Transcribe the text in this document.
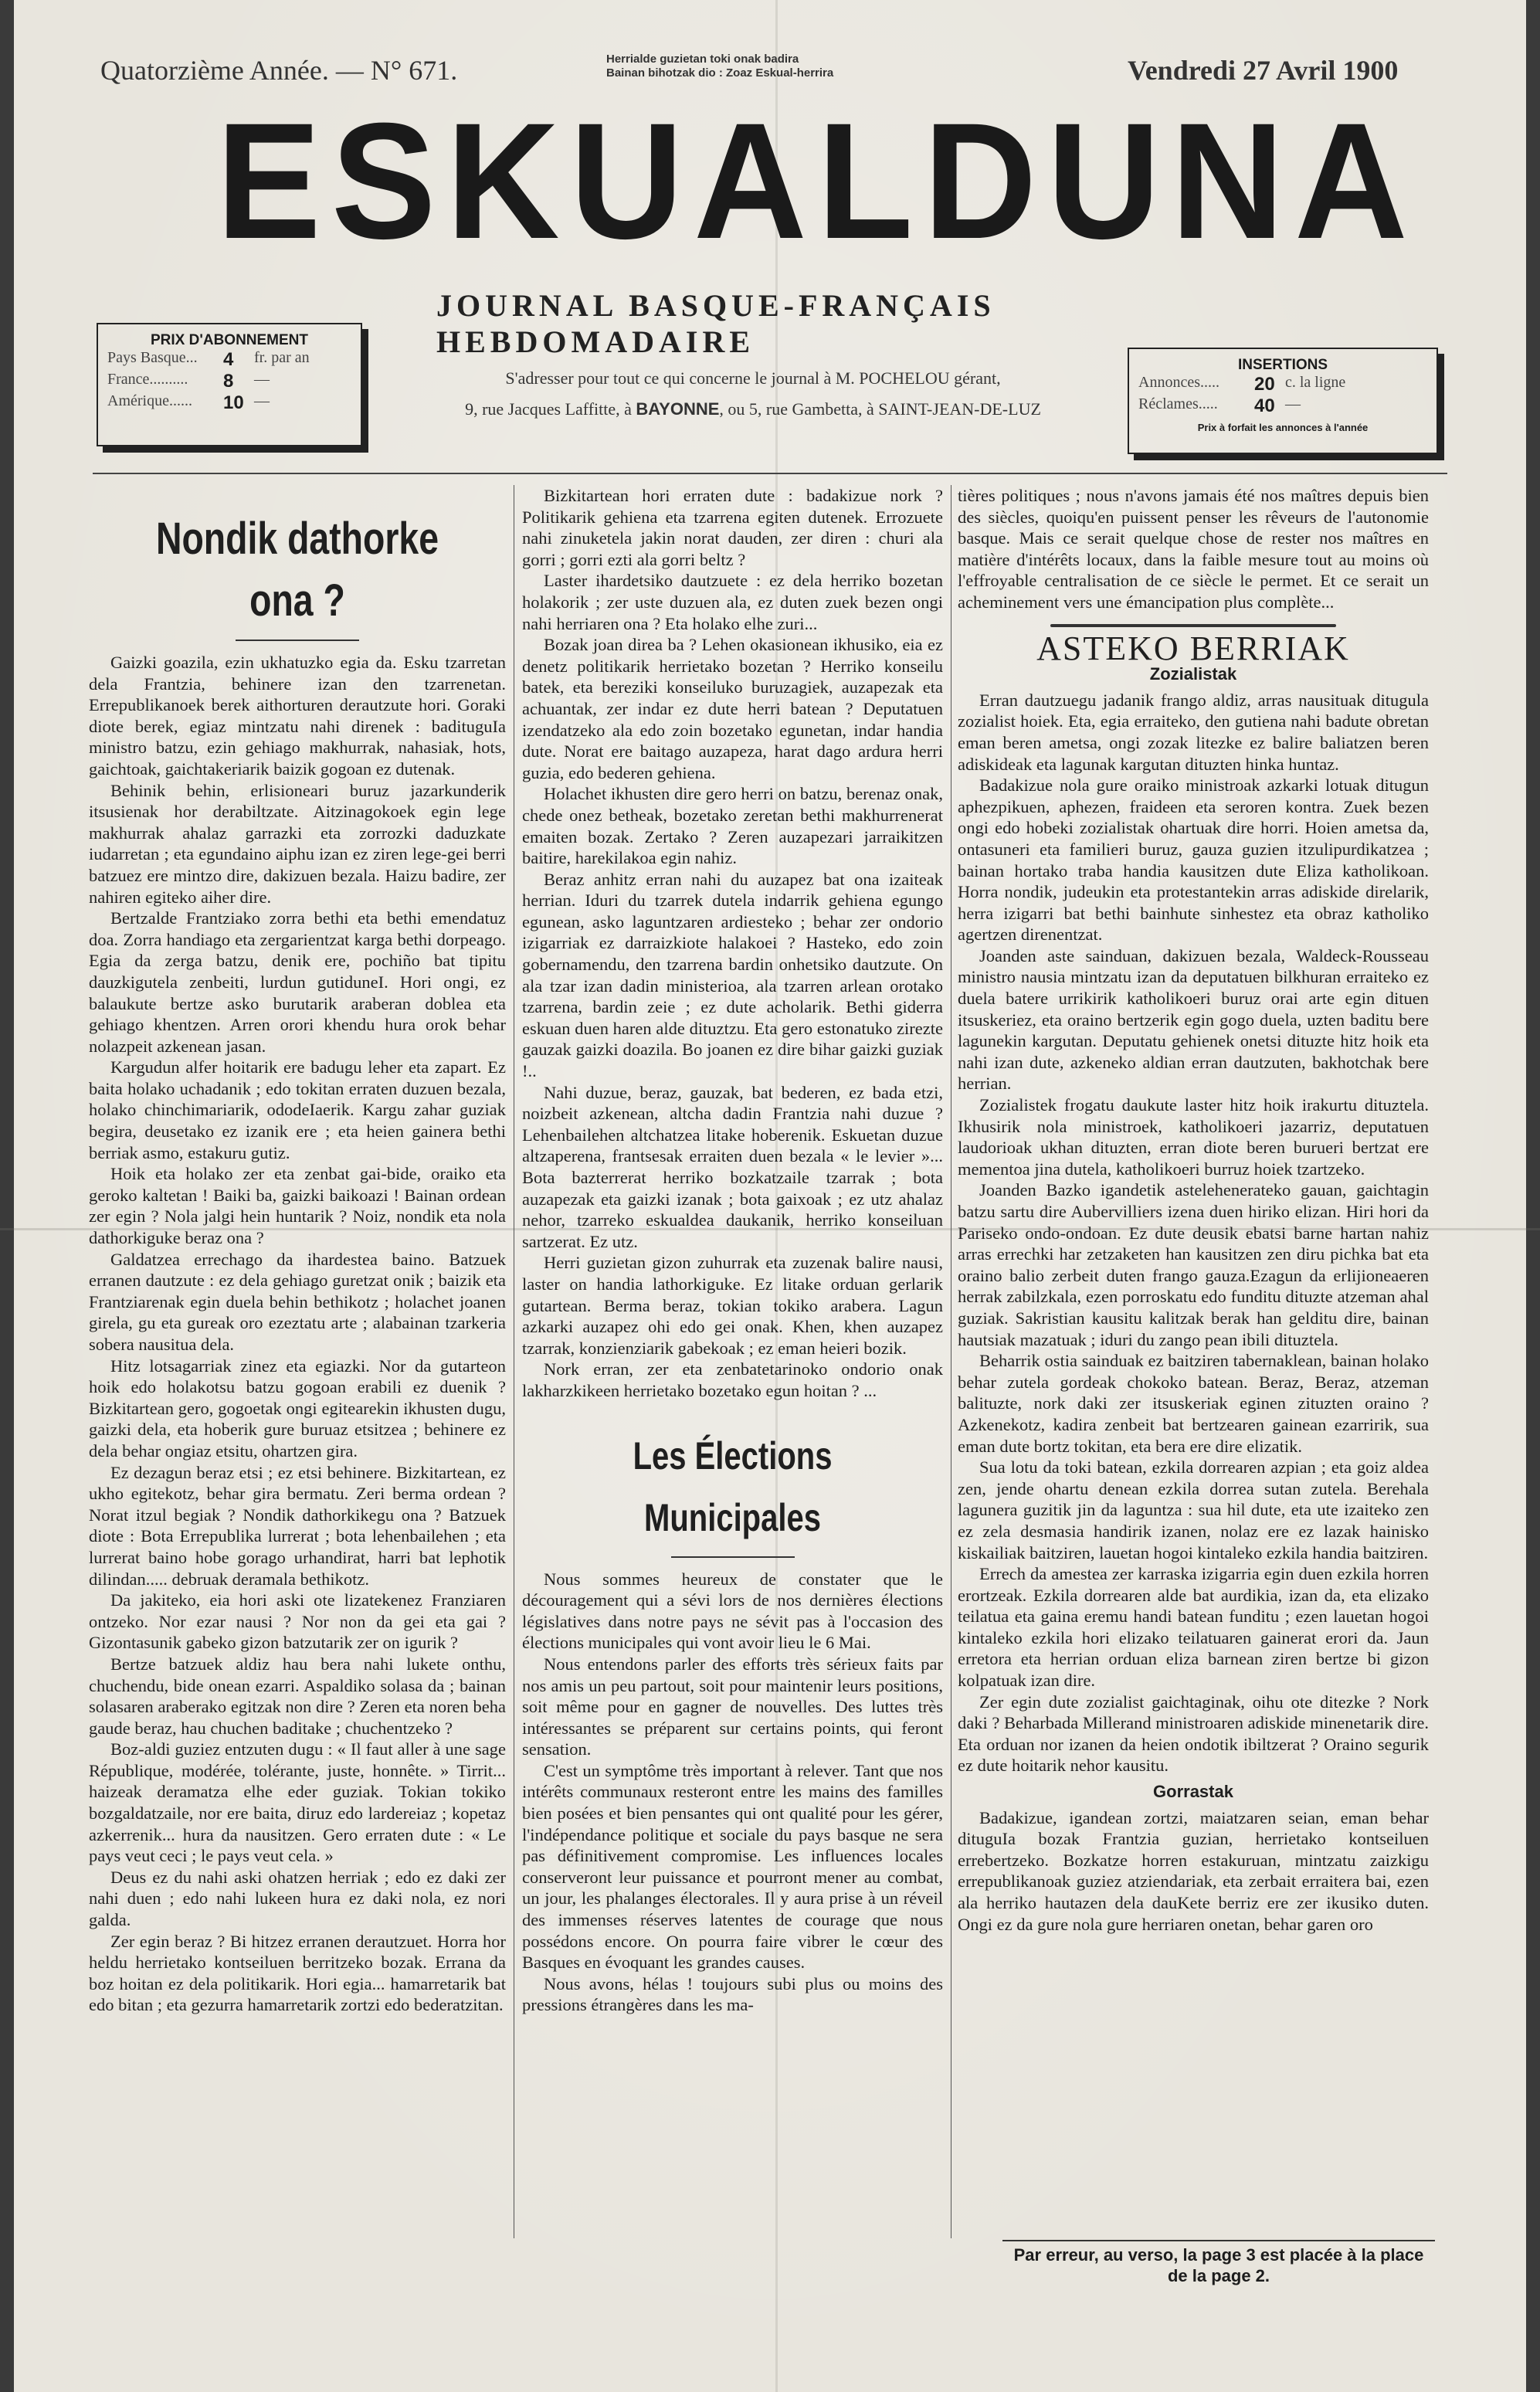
Quatorzième Année. — N° 671.	Herrialde guzietan toki onak badira
Bainan bihotzak dio : Zoaz Eskual-herrira	Vendredi 27 Avril 1900
ESKUALDUNA
JOURNAL BASQUE-FRANÇAIS HEBDOMADAIRE
PRIX D'ABONNEMENT
Pays Basque...	4	fr. par an
France..........	8	—
Amérique......	10 —
S'adresser pour tout ce qui concerne le journal à M. POCHELOU gérant,
9, rue Jacques Laffitte, à BAYONNE, ou 5, rue Gambetta, à SAINT-JEAN-DE-LUZ
INSERTIONS
Annonces.....	20 c. la ligne
Réclames.....	40 —
Prix à forfait les annonces à l'année
Nondik dathorke ona ?

Gaizki goazila, ezin ukhatuzko egia da. Esku tzarretan dela Frantzia, behinere izan den tzarrenetan. Errepublikanoek berek aithorturen derautzute hori. Goraki diote berek, egiaz mintzatu nahi direnek : badituguIa ministro batzu, ezin gehiago makhurrak, nahasiak, hots, gaichtoak, gaichtakeriarik baizik gogoan ez dutenak.

Behinik behin, erlisioneari buruz jazarkunderik itsusienak hor derabiltzate. Aitzinagokoek egin lege makhurrak ahalaz garrazki eta zorrozki daduzkate iudarretan ; eta egundaino aiphu izan ez ziren lege-gei berri batzuez ere mintzo dire, dakizuen bezala. Haizu badire, zer nahiren egiteko aiher dire.

Bertzalde Frantziako zorra bethi eta bethi emendatuz doa. Zorra handiago eta zergarientzat karga bethi dorpeago. Egia da zerga batzu, denik ere, pochiño bat tipitu dauzkigutela zenbeiti, lurdun gutiduneI. Hori ongi, ez balaukute bertze asko burutarik araberan doblea eta gehiago khentzen. Arren orori khendu hura orok behar nolazpeit azkenean jasan.

Kargudun alfer hoitarik ere badugu leher eta zapart. Ez baita holako uchadanik ; edo tokitan erraten duzuen bezala, holako chinchimariarik, ododeIaerik. Kargu zahar guziak begira, deusetako ez izanik ere ; eta heien gainera bethi berriak asmo, estakuru gutiz.

Hoik eta holako zer eta zenbat gai-bide, oraiko eta geroko kaltetan ! Baiki ba, gaizki baikoazi ! Bainan ordean zer egin ? Nola jalgi hein huntarik ? Noiz, nondik eta nola dathorkiguke beraz ona ?

Galdatzea errechago da ihardestea baino. Batzuek erranen dautzute : ez dela gehiago guretzat onik ; baizik eta Frantziarenak egin duela behin bethikotz ; holachet joanen girela, gu eta gureak oro ezeztatu arte ; alabainan tzarkeria sobera nausitua dela.

Hitz lotsagarriak zinez eta egiazki. Nor da gutarteon hoik edo holakotsu batzu gogoan erabili ez duenik ? Bizkitartean gero, gogoetak ongi egitearekin ikhusten dugu, gaizki dela, eta hoberik gure buruaz etsitzea ; behinere ez dela behar ongiaz etsitu, ohartzen gira.

Ez dezagun beraz etsi ; ez etsi behinere. Bizkitartean, ez ukho egitekotz, behar gira bermatu. Zeri berma ordean ? Norat itzul begiak ? Nondik dathorkikegu ona ? Batzuek diote : Bota Errepublika lurrerat ; bota lehenbailehen ; eta lurrerat baino hobe gorago urhandirat, harri bat lephotik dilindan..... debruak deramala bethikotz.

Da jakiteko, eia hori aski ote lizatekenez Franziaren ontzeko. Nor ezar nausi ? Nor non da gei eta gai ? Gizontasunik gabeko gizon batzutarik zer on igurik ?

Bertze batzuek aldiz hau bera nahi lukete onthu, chuchendu, bide onean ezarri. Aspaldiko solasa da ; bainan solasaren araberako egitzak non dire ? Zeren eta noren beha gaude beraz, hau chuchen baditake ; chuchentzeko ?

Boz-aldi guziez entzuten dugu : « Il faut aller à une sage République, modérée, tolérante, juste, honnête. » Tirrit... haizeak deramatza elhe eder guziak. Tokian tokiko bozgaldatzaile, nor ere baita, diruz edo lardereiaz ; kopetaz azkerrenik... hura da nausitzen. Gero erraten dute : « Le pays veut ceci ; le pays veut cela. »

Deus ez du nahi aski ohatzen herriak ; edo ez daki zer nahi duen ; edo nahi lukeen hura ez daki nola, ez nori galda.

Zer egin beraz ? Bi hitzez erranen derautzuet. Horra hor heldu herrietako kontseiluen berritzeko bozak. Errana da boz hoitan ez dela politikarik. Hori egia... hamarretarik bat edo bitan ; eta gezurra hamarretarik zortzi edo bederatzitan.

Bizkitartean hori erraten dute : badakizue nork ? Politikarik gehiena eta tzarrena egiten dutenek. Errozuete nahi zinuketela jakin norat dauden, zer diren : churi ala gorri ; gorri ezti ala gorri beltz ?

Laster ihardetsiko dautzuete : ez dela herriko bozetan holakorik ; zer uste duzuen ala, ez duten zuek bezen ongi nahi herriaren ona ? Eta holako elhe zuri...

Bozak joan direa ba ? Lehen okasionean ikhusiko, eia ez denetz politikarik herrietako bozetan ? Herriko konseilu batek, eta bereziki konseiluko buruzagiek, auzapezak eta achuantak, zer indar ez dute herri batean ? Deputatuen izendatzeko ala edo zoin bozetako egunetan, indar handia dute. Norat ere baitago auzapeza, harat dago ardura herri guzia, edo bederen gehiena.

Holachet ikhusten dire gero herri on batzu, berenaz onak, chede onez betheak, bozetako zeretan bethi makhurrenerat emaiten bozak. Zertako ? Zeren auzapezari jarraikitzen baitire, harekilakoa egin nahiz.

Beraz anhitz erran nahi du auzapez bat ona izaiteak herrian. Iduri du tzarrek dutela indarrik gehiena egungo egunean, asko laguntzaren ardiesteko ; behar zer ondorio izigarriak ez darraizkiote halakoei ? Hasteko, edo zoin gobernamendu, den tzarrena bardin onhetsiko dautzute. On ala tzar izan dadin ministerioa, ala tzarren arlean orotako tzarrena, bardin zeie ; ez dute acholarik. Bethi giderra eskuan duen haren alde dituztzu. Eta gero estonatuko zirezte gauzak gaizki doazila. Bo joanen ez dire bihar gaizki guziak !..

Nahi duzue, beraz, gauzak, bat bederen, ez bada etzi, noizbeit azkenean, altcha dadin Frantzia nahi duzue ? Lehenbailehen altchatzea litake hoberenik. Eskuetan duzue altzaperena, frantsesak erraiten duen bezala « le levier »... Bota bazterrerat herriko bozkatzaile tzarrak ; bota auzapezak eta gaizki izanak ; bota gaixoak ; ez utz ahalaz nehor, tzarreko eskualdea daukanik, herriko konseiluan sartzerat. Ez utz.

Herri guzietan gizon zuhurrak eta zuzenak balire nausi, laster on handia lathorkiguke. Ez litake orduan gerlarik gutartean. Berma beraz, tokian tokiko arabera. Lagun azkarki auzapez ohi edo gei onak. Khen, khen auzapez tzarrak, konzienziarik gabekoak ; ez eman heieri bozik.

Nork erran, zer eta zenbatetarinoko ondorio onak lakharzkikeen herrietako bozetako egun hoitan ? ...

Les Élections Municipales

Nous sommes heureux de constater que le découragement qui a sévi lors de nos dernières élections législatives dans notre pays ne sévit pas à l'occasion des élections municipales qui vont avoir lieu le 6 Mai.

Nous entendons parler des efforts très sérieux faits par nos amis un peu partout, soit pour maintenir leurs positions, soit même pour en gagner de nouvelles. Des luttes très intéressantes se préparent sur certains points, qui feront sensation.

C'est un symptôme très important à relever. Tant que nos intérêts communaux resteront entre les mains des familles bien posées et bien pensantes qui ont qualité pour les gérer, l'indépendance politique et sociale du pays basque ne sera pas définitivement compromise. Les influences locales conserveront leur puissance et pourront mener au combat, un jour, les phalanges électorales. Il y aura prise à un réveil des immenses réserves latentes de courage que nous possédons encore. On pourra faire vibrer le cœur des Basques en évoquant les grandes causes.

Nous avons, hélas ! toujours subi plus ou moins des pressions étrangères dans les ma-

tières politiques ; nous n'avons jamais été nos maîtres depuis bien des siècles, quoiqu'en puissent penser les rêveurs de l'autonomie basque. Mais ce serait quelque chose de rester nos maîtres en matière d'intérêts locaux, dans la faible mesure tout au moins où l'effroyable centralisation de ce siècle le permet. Et ce serait un acheminement vers une émancipation plus complète...

ASTEKO BERRIAK
Zozialistak

Erran dautzuegu jadanik frango aldiz, arras nausituak ditugula zozialist hoiek. Eta, egia erraiteko, den gutiena nahi badute obretan eman beren ametsa, ongi zozak litezke ez balire baliatzen beren adiskideak eta lagunak kargutan dituzten hinka huntaz.

Badakizue nola gure oraiko ministroak azkarki lotuak ditugun aphezpikuen, aphezen, fraideen eta seroren kontra. Zuek bezen ongi edo hobeki zozialistak ohartuak dire horri. Hoien ametsa da, ontasuneri eta familieri buruz, gauza guzien itzulipurdikatzea ; bainan hortako traba handia kausitzen dute Eliza katholikoan. Horra nondik, judeukin eta protestantekin arras adiskide direlarik, herra izigarri bat bethi bainhute sinhestez eta obraz katholiko agertzen direnentzat.

Joanden aste sainduan, dakizuen bezala, Waldeck-Rousseau ministro nausia mintzatu izan da deputatuen bilkhuran erraiteko ez duela batere urrikirik katholikoeri buruz orai arte egin dituen itsuskeriez, eta oraino bertzerik egin gogo duela, uzten baditu bere lagunekin kargutan. Deputatu gehienek onetsi dituzte hitz hoik eta nahi izan dute, azkeneko aldian erran dautzuten, bakhotchak bere herrian.

Zozialistek frogatu daukute laster hitz hoik irakurtu dituztela. Ikhusirik nola ministroek, katholikoeri jazarriz, deputatuen laudorioak ukhan dituzten, erran diote beren burueri bertzat ere mementoa jina dutela, katholikoeri burruz hoiek tzartzeko.

Joanden Bazko igandetik astelehenerateko gauan, gaichtagin batzu sartu dire Aubervilliers izena duen hiriko elizan. Hiri hori da Pariseko ondo-ondoan. Ez dute deusik ebatsi barne hartan nahiz arras errechki har zetzaketen han kausitzen zen diru pichka bat eta oraino balio zerbeit duten frango gauza.Ezagun da erlijioneaeren herrak zabilzkala, ezen porroskatu edo funditu dituzte atzeman ahal guziak. Sakristian kausitu kalitzak berak han gelditu dire, bainan hautsiak mazatuak ; iduri du zango pean ibili dituztela.

Beharrik ostia sainduak ez baitziren tabernaklean, bainan holako behar zutela gordeak chokoko batean. Beraz, Beraz, atzeman balituzte, nork daki zer itsuskeriak eginen zituzten oraino ? Azkenekotz, kadira zenbeit bat bertzearen gainean ezarririk, sua eman dute bortz tokitan, eta bera ere dire elizatik.

Sua lotu da toki batean, ezkila dorrearen azpian ; eta goiz aldea zen, jende ohartu denean ezkila dorrea sutan zutela. Berehala lagunera guzitik jin da laguntza : sua hil dute, eta ute izaiteko zen ez zela desmasia handirik izanen, nolaz ere ez lazak hainisko kiskailiak baitziren, lauetan hogoi kintaleko ezkila handia baitziren.

Errech da amestea zer karraska izigarria egin duen ezkila horren erortzeak. Ezkila dorrearen alde bat aurdikia, izan da, eta elizako teilatua eta gaina eremu handi batean funditu ; ezen lauetan hogoi kintaleko ezkila hori elizako teilatuaren gainerat erori da. Jaun erretora eta herrian orduan eliza barnean ziren bertze bi gizon kolpatuak izan dire.

Zer egin dute zozialist gaichtaginak, oihu ote ditezke ? Nork daki ? Beharbada Millerand ministroaren adiskide minenetarik dire. Eta orduan nor izanen da heien ondotik ibiltzerat ? Oraino segurik ez dute hoitarik nehor kausitu.

Gorrastak

Badakizue, igandean zortzi, maiatzaren seian, eman behar dituguIa bozak Frantzia guzian, herrietako kontseiluen errebertzeko. Bozkatze horren estakuruan, mintzatu zaizkigu errepublikanoak guziez atziendariak, eta zerbait erraitera bai, ezen ala herriko hautazen dela dauKete berriz ere zer ikusiko duten. Ongi ez da gure nola gure herriaren onetan, behar garen oro

Par erreur, au verso, la page 3 est placée à la place de la page 2.
